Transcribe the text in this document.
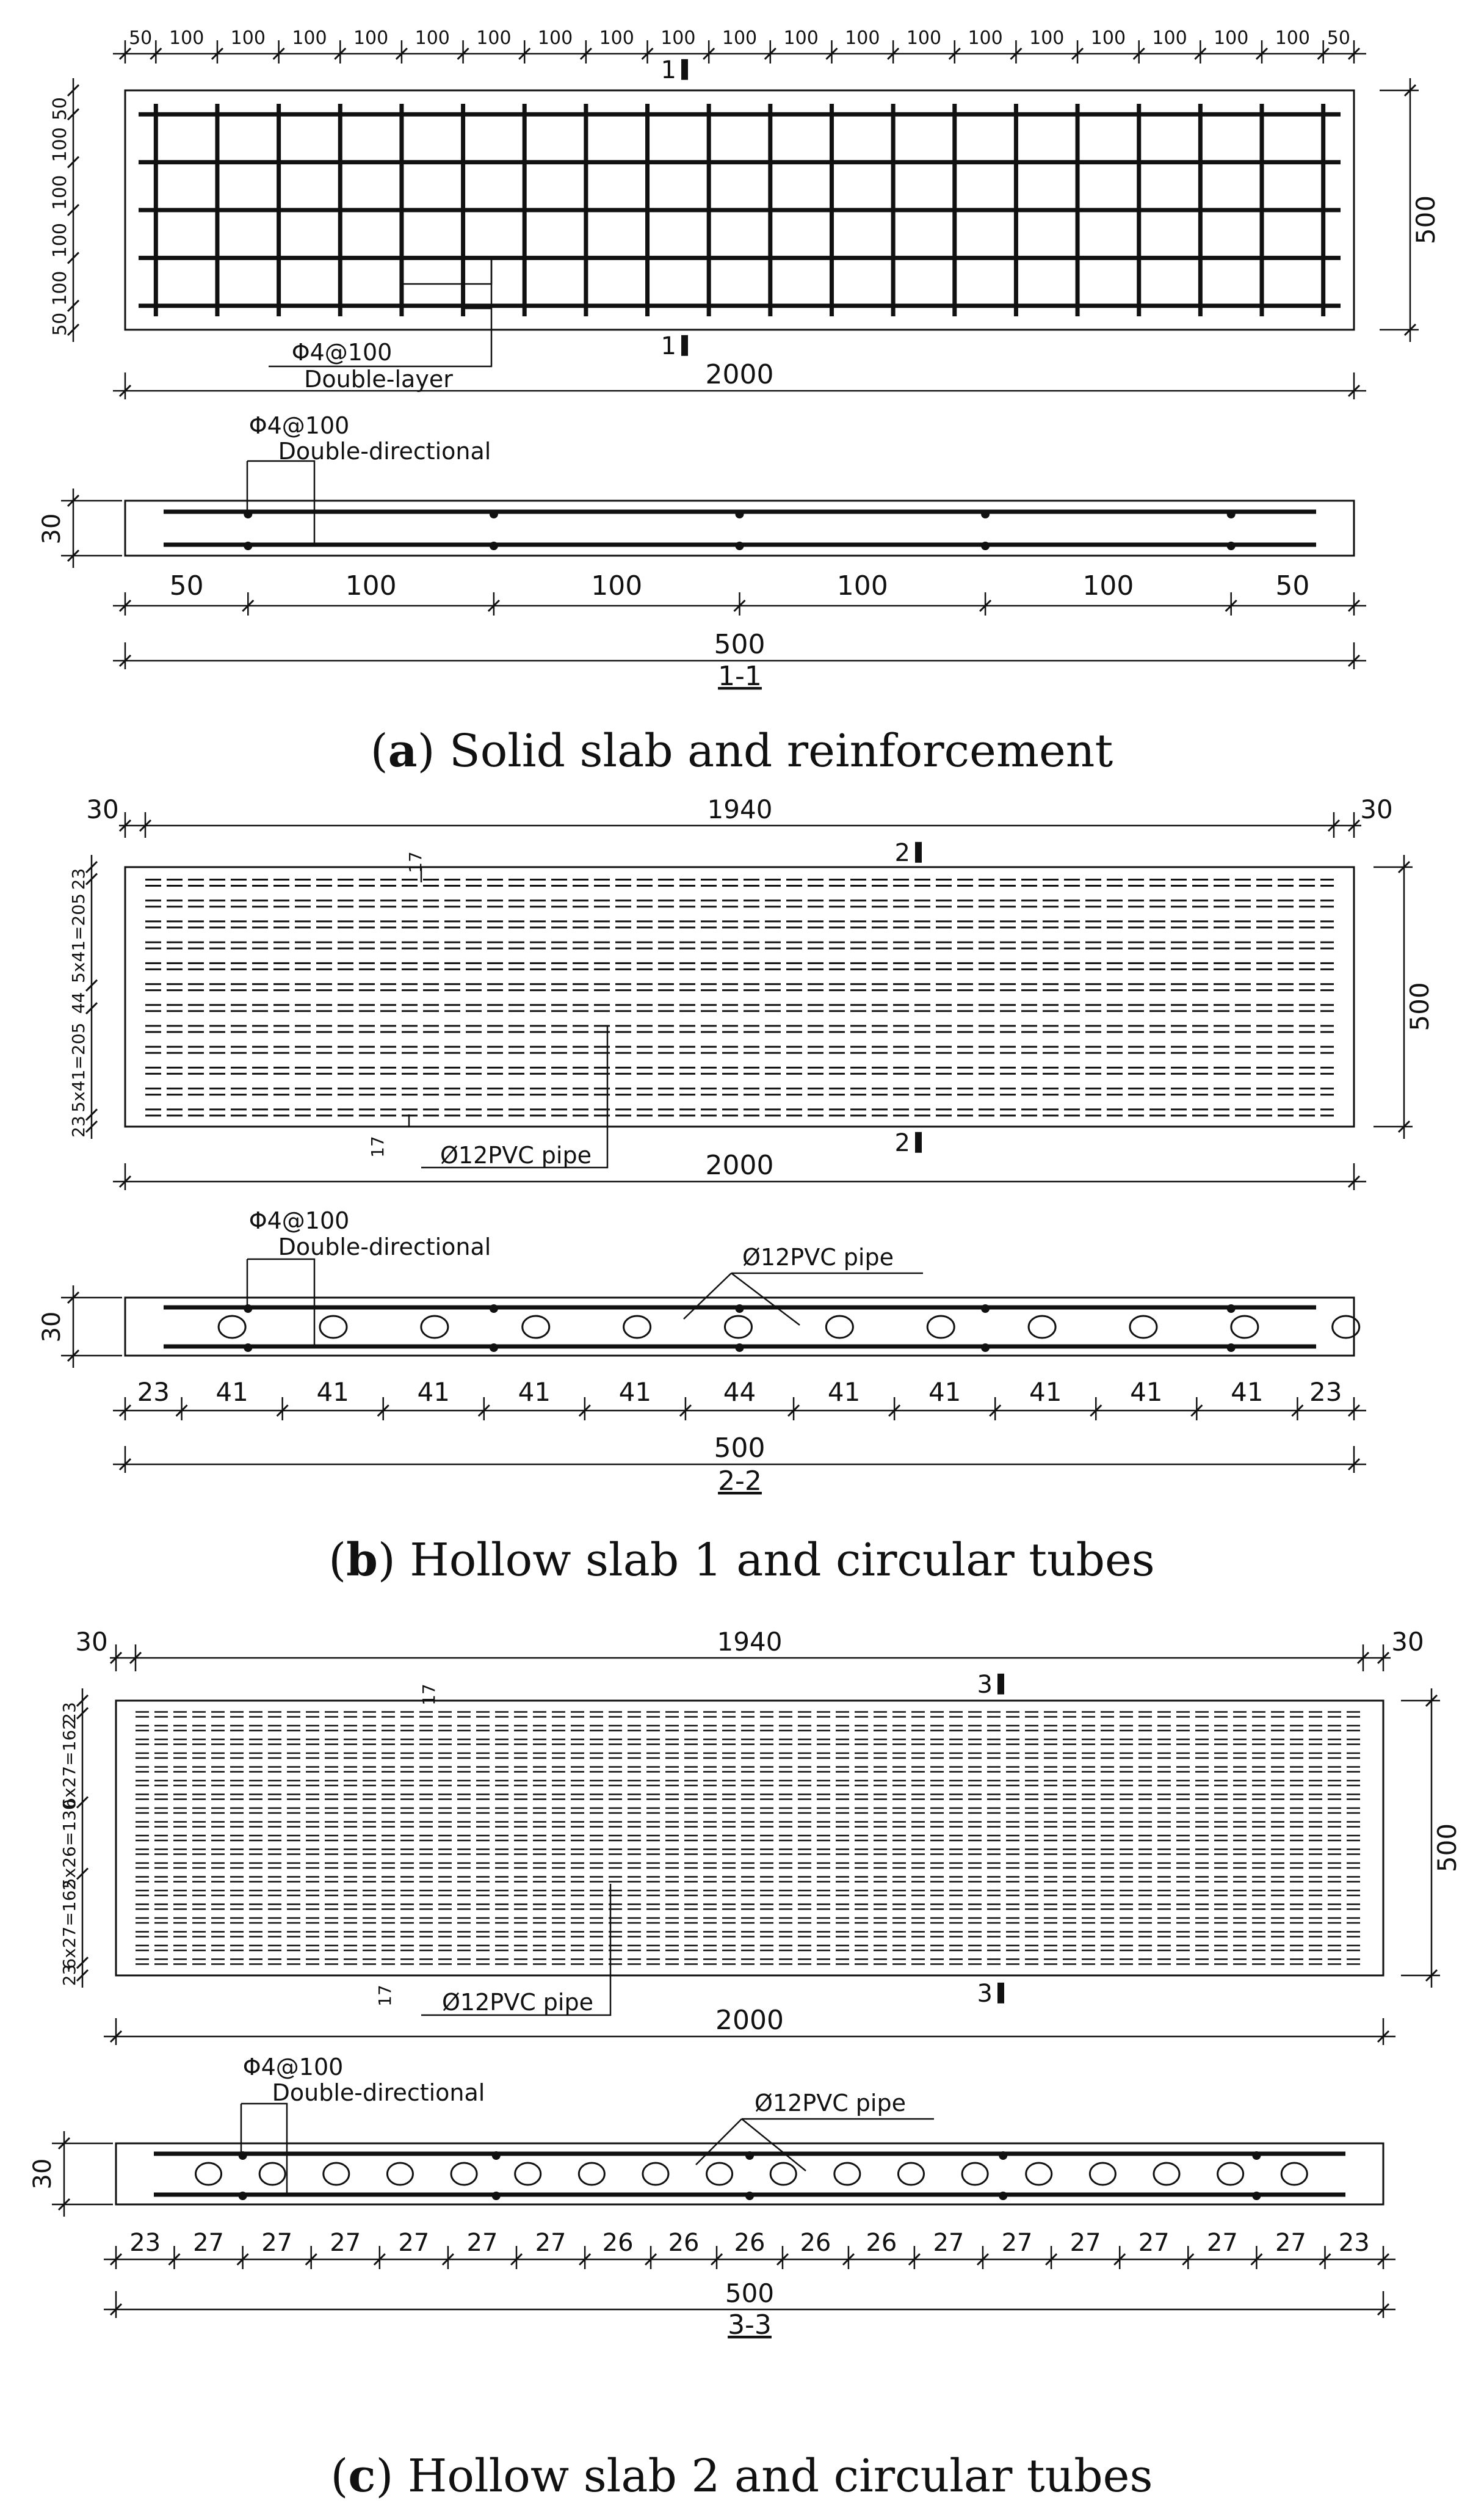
50 100 100 100 100 100 100 100 100 100 100 100 100 100 100 100 100 100 100 100 50
50
100
100
100
100
50
1
1
500
Φ4@100
Double-layer	2000
Φ4@100
Double-directional
30
50	100	100	100	100	50
500
1-1
(a) Solid slab and reinforcement
30	1940	30
17
17
2
2
23
5x41=205
44
5x41=205
23
500
Ø12PVC pipe	2000
Φ4@100
Double-directional	Ø12PVC pipe
30
23 41	41	41	41	41	44	41	41	41	41	41 23
500
2-2
(b) Hollow slab 1 and circular tubes
30	1940	30
17
17
3
3
23
6x27=162
5x26=130
6x27=162
23
500
Ø12PVC pipe
2000
Φ4@100
Double-directional	Ø12PVC pipe
30
23 27 27 27 27 27 27 26 26 26 26 26 27 27 27 27 27 27 23
500
3-3
(c) Hollow slab 2 and circular tubes
